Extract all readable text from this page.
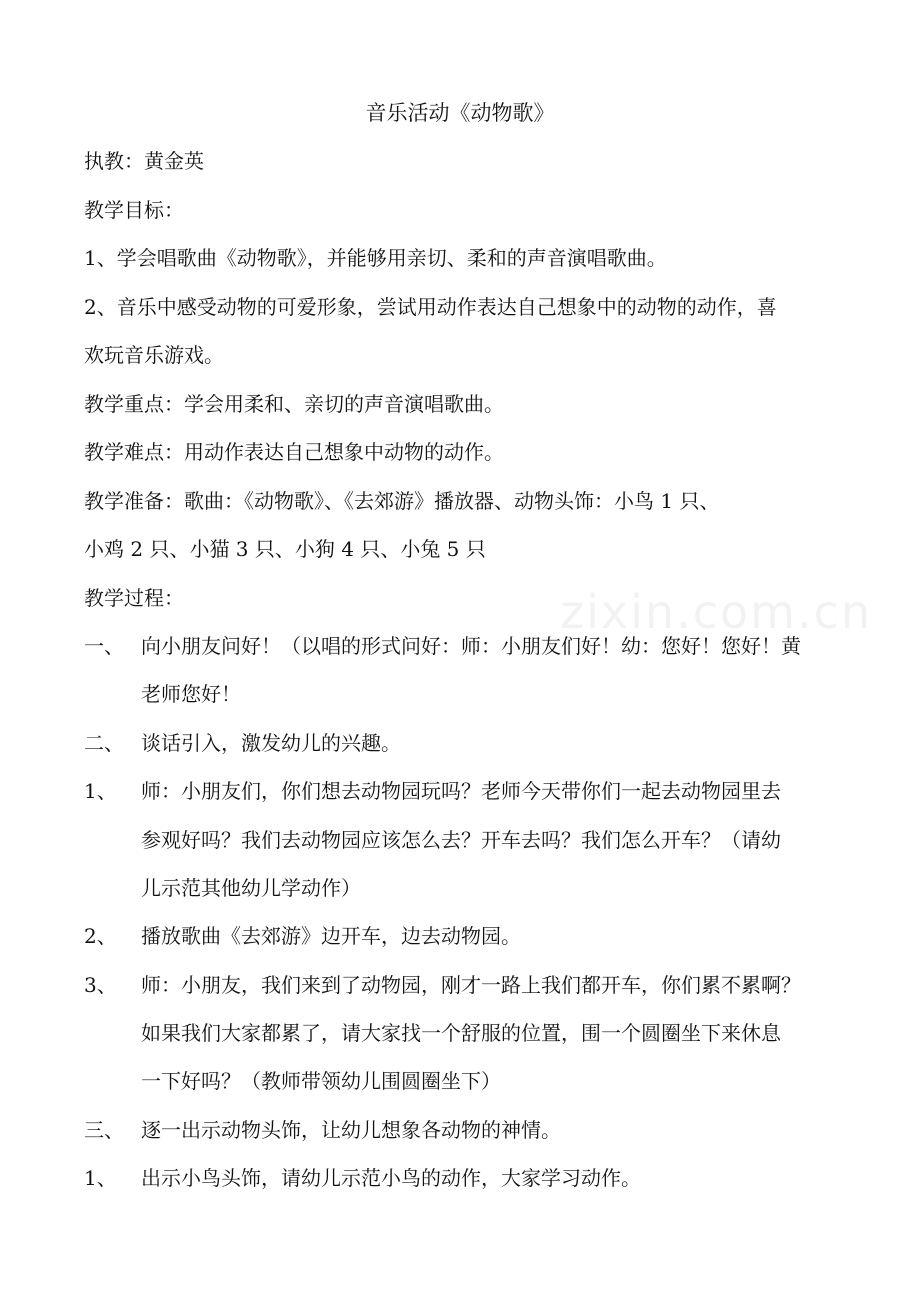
zixin.com.cn
音乐活动《动物歌》
执教：黄金英
教学目标：
1、学会唱歌曲《动物歌》，并能够用亲切、柔和的声音演唱歌曲。
2、音乐中感受动物的可爱形象，尝试用动作表达自己想象中的动物的动作，喜
欢玩音乐游戏。
教学重点：学会用柔和、亲切的声音演唱歌曲。
教学难点：用动作表达自己想象中动物的动作。
教学准备：歌曲：《动物歌》、《去郊游》播放器、动物头饰：小鸟 1 只、
小鸡 2 只、小猫 3 只、小狗 4 只、小兔 5 只
教学过程：
一、 向小朋友问好！（以唱的形式问好：师：小朋友们好！幼：您好！您好！黄
老师您好！
二、 谈话引入，激发幼儿的兴趣。
1、 师：小朋友们，你们想去动物园玩吗？老师今天带你们一起去动物园里去
参观好吗？我们去动物园应该怎么去？开车去吗？我们怎么开车？（请幼
儿示范其他幼儿学动作）
2、 播放歌曲《去郊游》边开车，边去动物园。
3、 师：小朋友，我们来到了动物园，刚才一路上我们都开车，你们累不累啊？
如果我们大家都累了，请大家找一个舒服的位置，围一个圆圈坐下来休息
一下好吗？（教师带领幼儿围圆圈坐下）
三、 逐一出示动物头饰，让幼儿想象各动物的神情。
1、 出示小鸟头饰，请幼儿示范小鸟的动作，大家学习动作。
